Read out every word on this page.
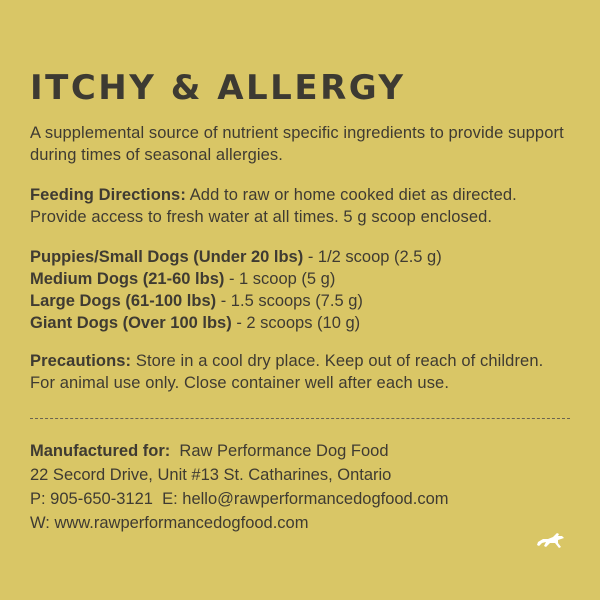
ITCHY & ALLERGY

A supplemental source of nutrient specific ingredients to provide support during times of seasonal allergies.

Feeding Directions: Add to raw or home cooked diet as directed. Provide access to fresh water at all times. 5 g scoop enclosed.

Puppies/Small Dogs (Under 20 lbs) - 1/2 scoop (2.5 g)
Medium Dogs (21-60 lbs) - 1 scoop (5 g)
Large Dogs (61-100 lbs) - 1.5 scoops (7.5 g)
Giant Dogs (Over 100 lbs) - 2 scoops (10 g)

Precautions: Store in a cool dry place. Keep out of reach of children. For animal use only. Close container well after each use.

Manufactured for:  Raw Performance Dog Food
22 Secord Drive, Unit #13 St. Catharines, Ontario
P: 905-650-3121  E: hello@rawperformancedogfood.com
W: www.rawperformancedogfood.com
